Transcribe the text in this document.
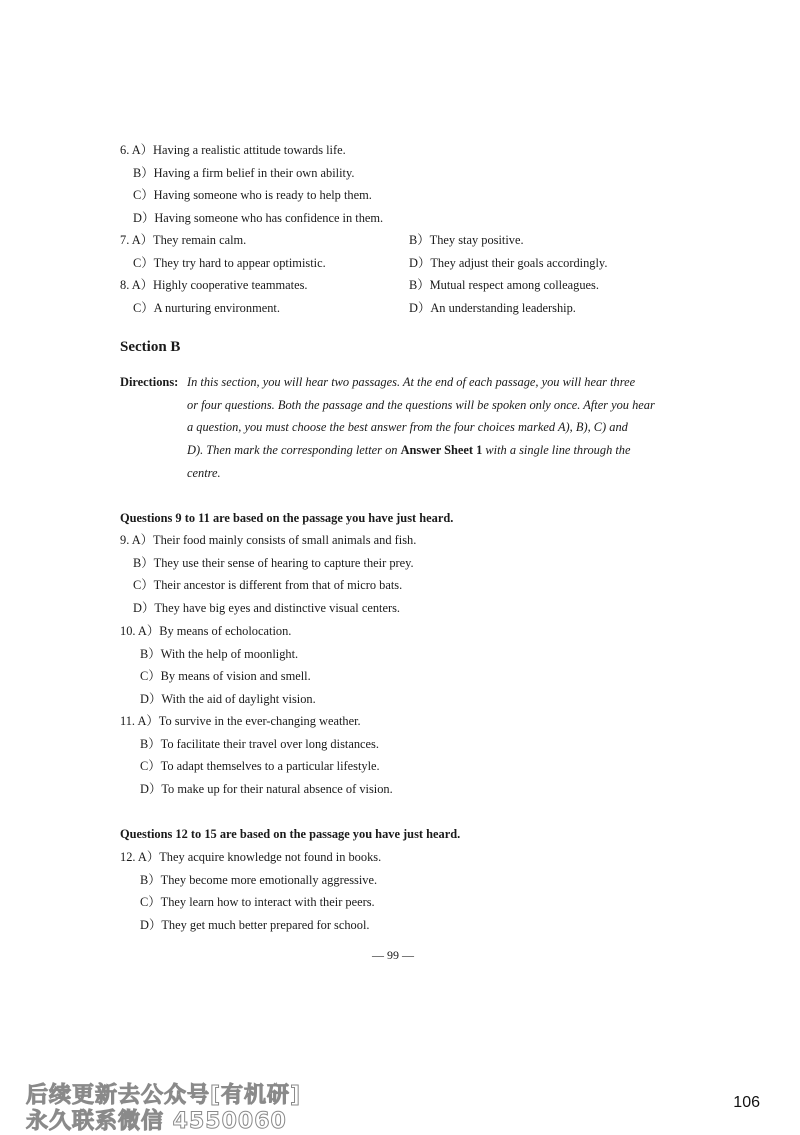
6. A）Having a realistic attitude towards life.
B）Having a firm belief in their own ability.
C）Having someone who is ready to help them.
D）Having someone who has confidence in them.
7. A）They remain calm.	B）They stay positive.
C）They try hard to appear optimistic.	D）They adjust their goals accordingly.
8. A）Highly cooperative teammates.	B）Mutual respect among colleagues.
C）A nurturing environment.	D）An understanding leadership.
Section B
Directions: In this section, you will hear two passages. At the end of each passage, you will hear three
or four questions. Both the passage and the questions will be spoken only once. After you hear
a question, you must choose the best answer from the four choices marked A), B), C) and
D). Then mark the corresponding letter on Answer Sheet 1 with a single line through the
centre.
Questions 9 to 11 are based on the passage you have just heard.
9. A）Their food mainly consists of small animals and fish.
B）They use their sense of hearing to capture their prey.
C）Their ancestor is different from that of micro bats.
D）They have big eyes and distinctive visual centers.
10. A）By means of echolocation.
B）With the help of moonlight.
C）By means of vision and smell.
D）With the aid of daylight vision.
11. A）To survive in the ever-changing weather.
B）To facilitate their travel over long distances.
C）To adapt themselves to a particular lifestyle.
D）To make up for their natural absence of vision.
Questions 12 to 15 are based on the passage you have just heard.
12. A）They acquire knowledge not found in books.
B）They become more emotionally aggressive.
C）They learn how to interact with their peers.
D）They get much better prepared for school.
— 99 —
后续更新去公众号[有机研]
永久联系微信 4550060
106
